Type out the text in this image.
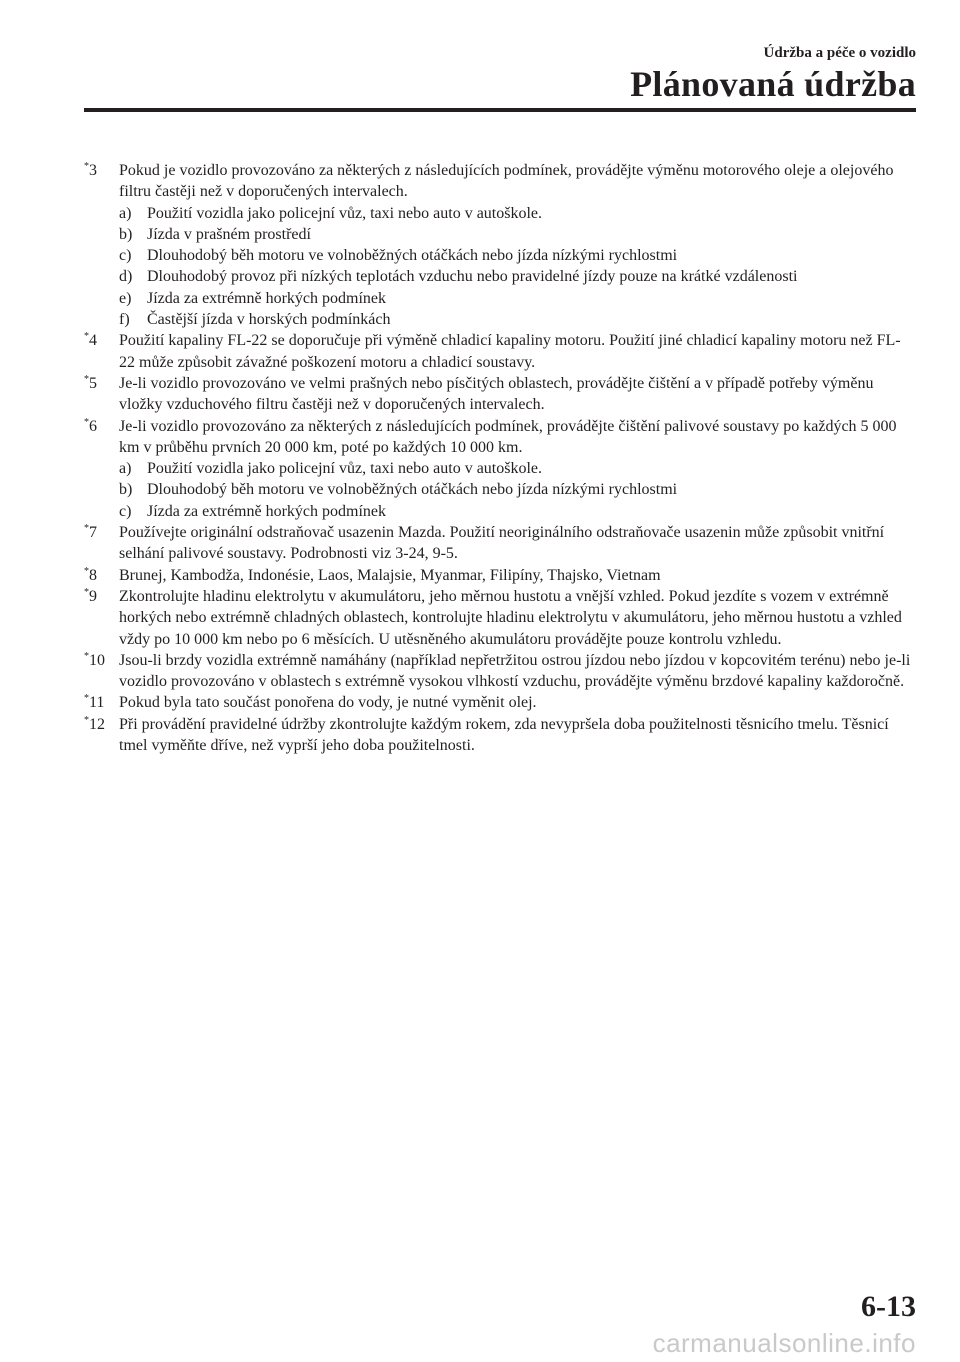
Údržba a péče o vozidlo
Plánovaná údržba
*3 Pokud je vozidlo provozováno za některých z následujících podmínek, provádějte výměnu motorového oleje a olejového filtru častěji než v doporučených intervalech.
a) Použití vozidla jako policejní vůz, taxi nebo auto v autoškole.
b) Jízda v prašném prostředí
c) Dlouhodobý běh motoru ve volnoběžných otáčkách nebo jízda nízkými rychlostmi
d) Dlouhodobý provoz při nízkých teplotách vzduchu nebo pravidelné jízdy pouze na krátké vzdálenosti
e) Jízda za extrémně horkých podmínek
f) Častější jízda v horských podmínkách
*4 Použití kapaliny FL-22 se doporučuje při výměně chladicí kapaliny motoru. Použití jiné chladicí kapaliny motoru než FL-22 může způsobit závažné poškození motoru a chladicí soustavy.
*5 Je-li vozidlo provozováno ve velmi prašných nebo písčitých oblastech, provádějte čištění a v případě potřeby výměnu vložky vzduchového filtru častěji než v doporučených intervalech.
*6 Je-li vozidlo provozováno za některých z následujících podmínek, provádějte čištění palivové soustavy po každých 5 000 km v průběhu prvních 20 000 km, poté po každých 10 000 km.
a) Použití vozidla jako policejní vůz, taxi nebo auto v autoškole.
b) Dlouhodobý běh motoru ve volnoběžných otáčkách nebo jízda nízkými rychlostmi
c) Jízda za extrémně horkých podmínek
*7 Používejte originální odstraňovač usazenin Mazda. Použití neoriginálního odstraňovače usazenin může způsobit vnitřní selhání palivové soustavy. Podrobnosti viz 3-24, 9-5.
*8 Brunej, Kambodža, Indonésie, Laos, Malajsie, Myanmar, Filipíny, Thajsko, Vietnam
*9 Zkontrolujte hladinu elektrolytu v akumulátoru, jeho měrnou hustotu a vnější vzhled. Pokud jezdíte s vozem v extrémně horkých nebo extrémně chladných oblastech, kontrolujte hladinu elektrolytu v akumulátoru, jeho měrnou hustotu a vzhled vždy po 10 000 km nebo po 6 měsících. U utěsněného akumulátoru provádějte pouze kontrolu vzhledu.
*10 Jsou-li brzdy vozidla extrémně namáhány (například nepřetržitou ostrou jízdou nebo jízdou v kopcovitém terénu) nebo je-li vozidlo provozováno v oblastech s extrémně vysokou vlhkostí vzduchu, provádějte výměnu brzdové kapaliny každoročně.
*11 Pokud byla tato součást ponořena do vody, je nutné vyměnit olej.
*12 Při provádění pravidelné údržby zkontrolujte každým rokem, zda nevypršela doba použitelnosti těsnicího tmelu. Těsnicí tmel vyměňte dříve, než vyprší jeho doba použitelnosti.
6-13
carmanualsonline.info
